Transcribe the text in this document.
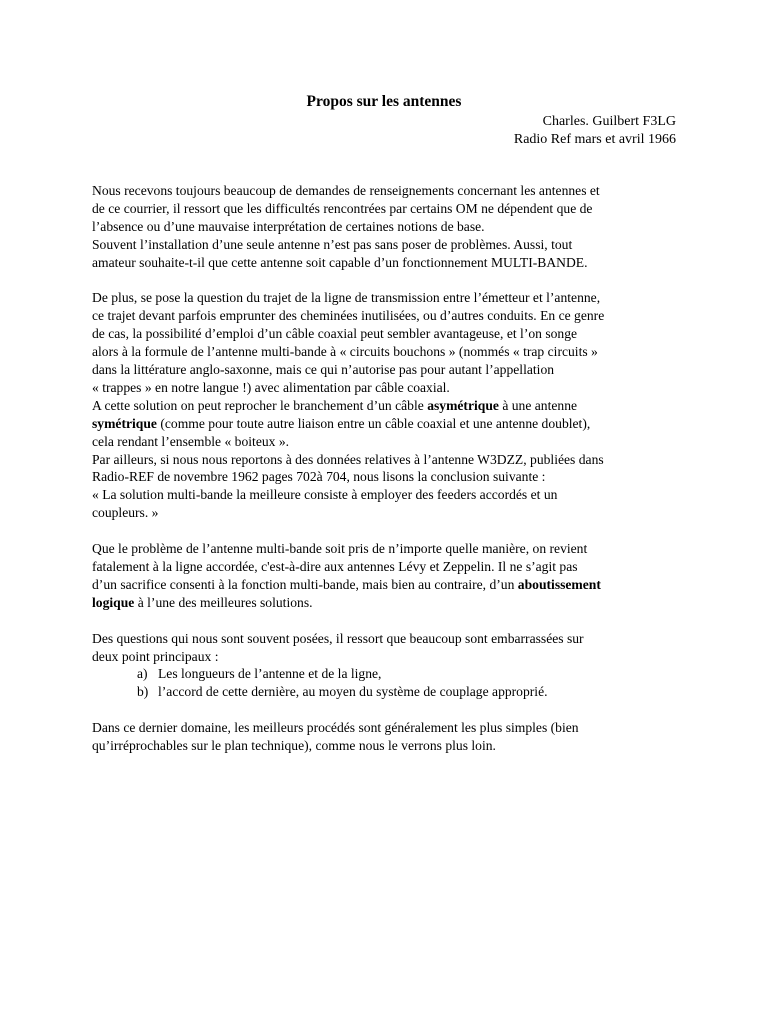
Propos sur les antennes
Charles. Guilbert F3LG
Radio Ref mars et avril 1966

Nous recevons toujours beaucoup de demandes de renseignements concernant les antennes et

de ce courrier, il ressort que les difficultés rencontrées par certains OM ne dépendent que de

l’absence ou d’une mauvaise interprétation de certaines notions de base.

Souvent l’installation d’une seule antenne n’est pas sans poser de problèmes. Aussi, tout

amateur souhaite-t-il que cette antenne soit capable d’un fonctionnement MULTI-BANDE.

De plus, se pose la question du trajet de la ligne de transmission entre l’émetteur et l’antenne,

ce trajet devant parfois emprunter des cheminées inutilisées, ou d’autres conduits. En ce genre

de cas, la possibilité d’emploi d’un câble coaxial peut sembler avantageuse, et l’on songe

alors à la formule de l’antenne multi-bande à « circuits bouchons » (nommés « trap circuits »

dans la littérature anglo-saxonne, mais ce qui n’autorise pas pour autant l’appellation

« trappes » en notre langue !) avec alimentation par câble coaxial.

A cette solution on peut reprocher le branchement d’un câble asymétrique à une antenne

symétrique (comme pour toute autre liaison entre un câble coaxial et une antenne doublet),

cela rendant l’ensemble « boiteux ».

Par ailleurs, si nous nous reportons à des données relatives à l’antenne W3DZZ, publiées dans

Radio-REF de novembre 1962 pages 702à 704, nous lisons la conclusion suivante :

« La solution multi-bande la meilleure consiste à employer des feeders accordés et un

coupleurs. »

Que le problème de l’antenne multi-bande soit pris de n’importe quelle manière, on revient

fatalement à la ligne accordée, c'est-à-dire aux antennes Lévy et Zeppelin. Il ne s’agit pas

d’un sacrifice consenti à la fonction multi-bande, mais bien au contraire, d’un aboutissement

logique à l’une des meilleures solutions.

Des questions qui nous sont souvent posées, il ressort que beaucoup sont embarrassées sur

deux point principaux :

a) Les longueurs de l’antenne et de la ligne,
b) l’accord de cette dernière, au moyen du système de couplage approprié.

Dans ce dernier domaine, les meilleurs procédés sont généralement les plus simples (bien

qu’irréprochables sur le plan technique), comme nous le verrons plus loin.
